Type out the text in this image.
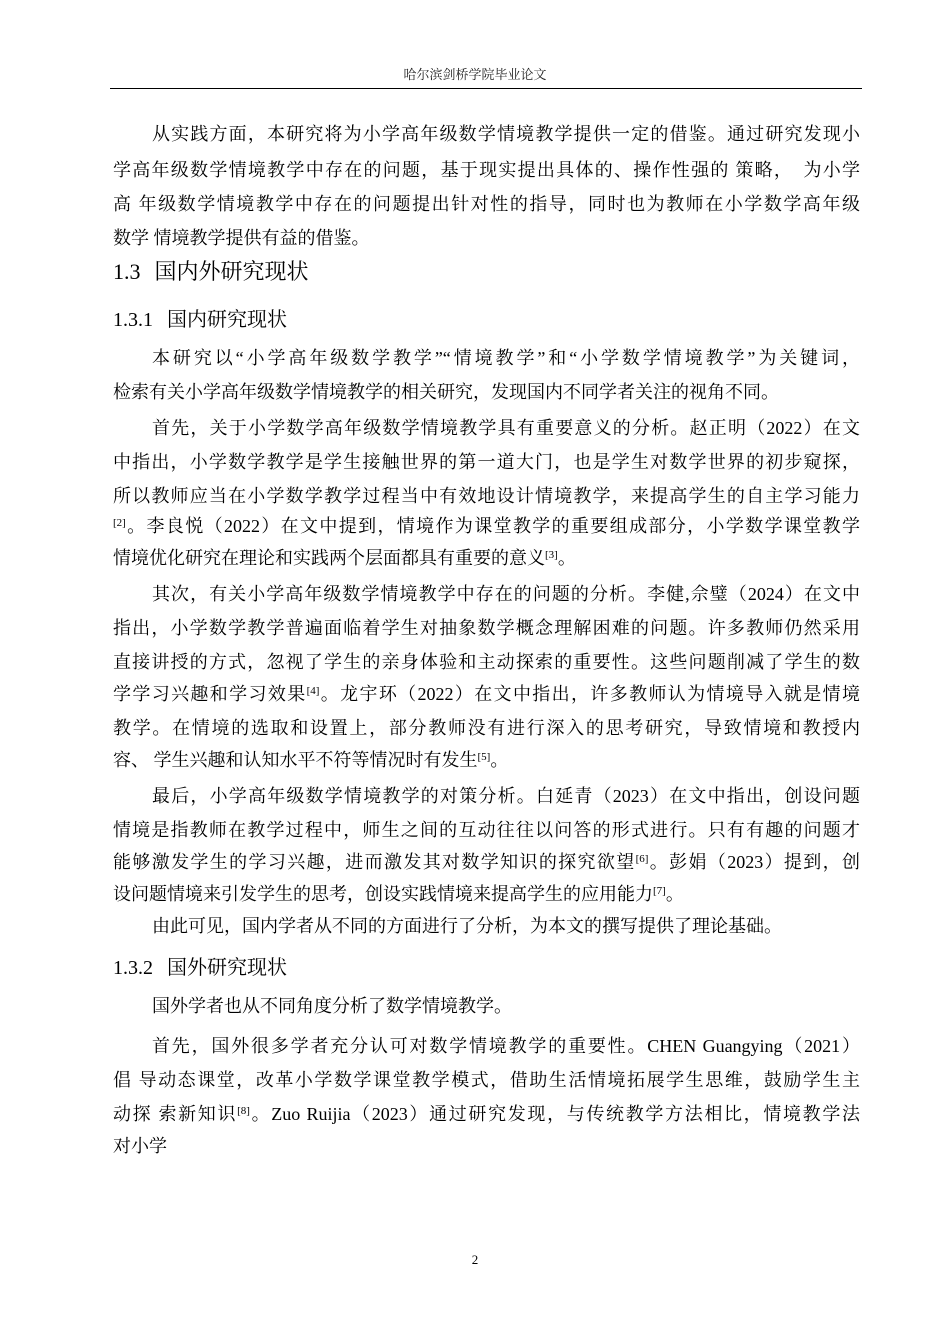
哈尔滨剑桥学院毕业论文
从实践方面，本研究将为小学高年级数学情境教学提供一定的借鉴。通过研究发现小
学高年级数学情境教学中存在的问题，基于现实提出具体的、操作性强的 策略，　为小学
高 年级数学情境教学中存在的问题提出针对性的指导，同时也为教师在小学数学高年级
数学 情境教学提供有益的借鉴。
1.3 国内外研究现状
1.3.1 国内研究现状
本研究以“小学高年级数学教学”“情境教学”和“小学数学情境教学”为关键词，
检索有关小学高年级数学情境教学的相关研究，发现国内不同学者关注的视角不同。
首先，关于小学数学高年级数学情境教学具有重要意义的分析。赵正明（2022）在文
中指出，小学数学教学是学生接触世界的第一道大门，也是学生对数学世界的初步窥探，
所以教师应当在小学数学教学过程当中有效地设计情境教学，来提高学生的自主学习能力
[2]。李良悦（2022）在文中提到，情境作为课堂教学的重要组成部分，小学数学课堂教学
情境优化研究在理论和实践两个层面都具有重要的意义[3]。
其次，有关小学高年级数学情境教学中存在的问题的分析。李健,佘璧（2024）在文中
指出，小学数学教学普遍面临着学生对抽象数学概念理解困难的问题。许多教师仍然采用
直接讲授的方式，忽视了学生的亲身体验和主动探索的重要性。这些问题削减了学生的数
学学习兴趣和学习效果[4]。龙宇环（2022）在文中指出，许多教师认为情境导入就是情境
教学。在情境的选取和设置上，部分教师没有进行深入的思考研究，导致情境和教授内
容、 学生兴趣和认知水平不符等情况时有发生[5]。
最后，小学高年级数学情境教学的对策分析。白延青（2023）在文中指出，创设问题
情境是指教师在教学过程中，师生之间的互动往往以问答的形式进行。只有有趣的问题才
能够激发学生的学习兴趣，进而激发其对数学知识的探究欲望[6]。彭娟（2023）提到，创
设问题情境来引发学生的思考，创设实践情境来提高学生的应用能力[7]。
由此可见，国内学者从不同的方面进行了分析，为本文的撰写提供了理论基础。
1.3.2 国外研究现状
国外学者也从不同角度分析了数学情境教学。
首先，国外很多学者充分认可对数学情境教学的重要性。CHEN Guangying（2021）
倡 导动态课堂，改革小学数学课堂教学模式，借助生活情境拓展学生思维，鼓励学生主
动探 索新知识[8]。Zuo Ruijia（2023）通过研究发现，与传统教学方法相比，情境教学法
对小学
2
